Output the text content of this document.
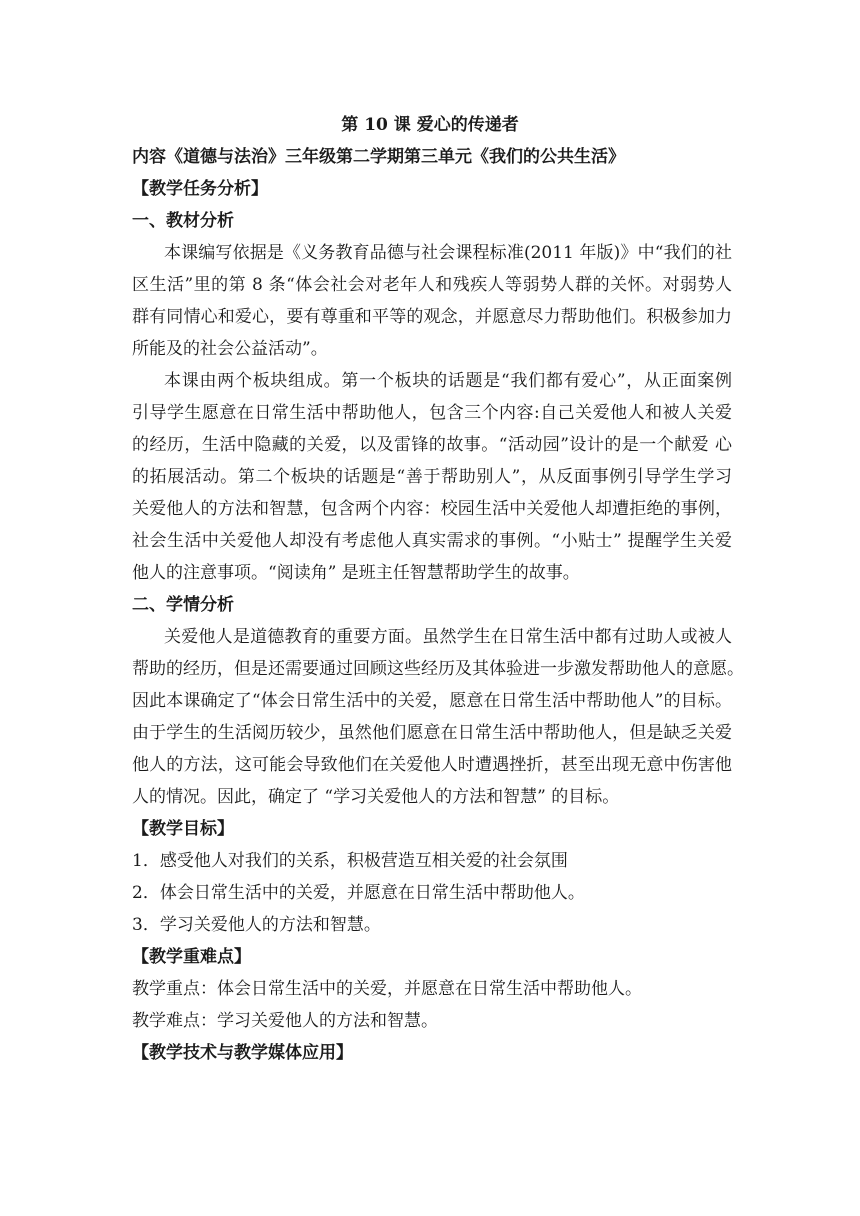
第 10 课 爱心的传递者
内容《道德与法治》三年级第二学期第三单元《我们的公共生活》
【教学任务分析】
一、教材分析
本课编写依据是《义务教育品德与社会课程标准(2011 年版)》中“我们的社
区生活”里的第 8 条“体会社会对老年人和残疾人等弱势人群的关怀。对弱势人
群有同情心和爱心，要有尊重和平等的观念，并愿意尽力帮助他们。积极参加力
所能及的社会公益活动”。
本课由两个板块组成。第一个板块的话题是“我们都有爱心”，从正面案例
引导学生愿意在日常生活中帮助他人，包含三个内容:自己关爱他人和被人关爱
的经历，生活中隐藏的关爱，以及雷锋的故事。“活动园”设计的是一个献爱 心
的拓展活动。第二个板块的话题是“善于帮助别人”，从反面事例引导学生学习
关爱他人的方法和智慧，包含两个内容：校园生活中关爱他人却遭拒绝的事例，
社会生活中关爱他人却没有考虑他人真实需求的事例。“小贴士” 提醒学生关爱
他人的注意事项。“阅读角” 是班主任智慧帮助学生的故事。
二、学情分析
关爱他人是道德教育的重要方面。虽然学生在日常生活中都有过助人或被人
帮助的经历，但是还需要通过回顾这些经历及其体验进一步激发帮助他人的意愿。
因此本课确定了“体会日常生活中的关爱，愿意在日常生活中帮助他人”的目标。
由于学生的生活阅历较少，虽然他们愿意在日常生活中帮助他人，但是缺乏关爱
他人的方法，这可能会导致他们在关爱他人时遭遇挫折，甚至出现无意中伤害他
人的情况。因此，确定了 “学习关爱他人的方法和智慧” 的目标。
【教学目标】
1．感受他人对我们的关系，积极营造互相关爱的社会氛围
2．体会日常生活中的关爱，并愿意在日常生活中帮助他人。
3．学习关爱他人的方法和智慧。
【教学重难点】
教学重点：体会日常生活中的关爱，并愿意在日常生活中帮助他人。
教学难点：学习关爱他人的方法和智慧。
【教学技术与教学媒体应用】
